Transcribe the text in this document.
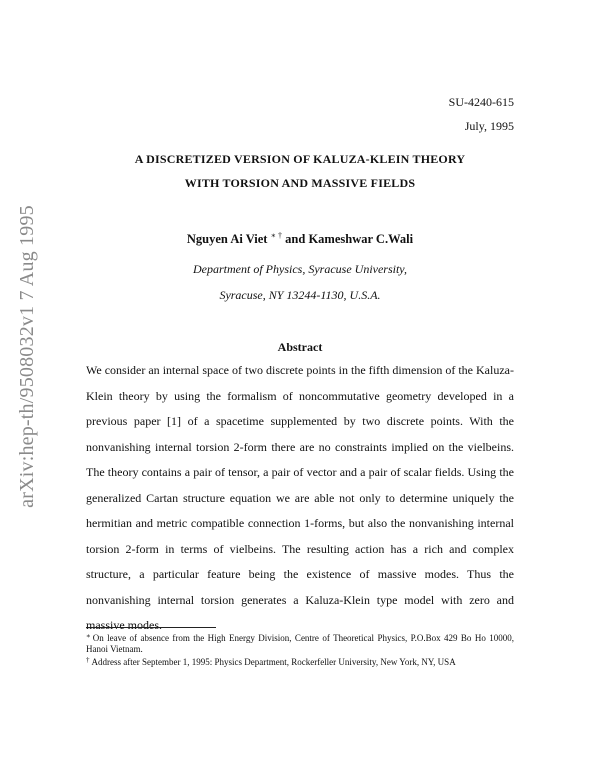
arXiv:hep-th/9508032v1 7 Aug 1995
SU-4240-615
July, 1995
A DISCRETIZED VERSION OF KALUZA-KLEIN THEORY
WITH TORSION AND MASSIVE FIELDS
Nguyen Ai Viet ∗ † and Kameshwar C.Wali
Department of Physics, Syracuse University,
Syracuse, NY 13244-1130, U.S.A.
Abstract

We consider an internal space of two discrete points in the fifth dimension of the Kaluza-Klein theory by using the formalism of noncommutative geometry developed in a previous paper [1] of a spacetime supplemented by two discrete points. With the nonvanishing internal torsion 2-form there are no constraints implied on the vielbeins. The theory contains a pair of tensor, a pair of vector and a pair of scalar fields. Using the generalized Cartan structure equation we are able not only to determine uniquely the hermitian and metric compatible connection 1-forms, but also the nonvanishing internal torsion 2-form in terms of vielbeins. The resulting action has a rich and complex structure, a particular feature being the existence of massive modes. Thus the nonvanishing internal torsion generates a Kaluza-Klein type model with zero and massive modes.

∗ On leave of absence from the High Energy Division, Centre of Theoretical Physics, P.O.Box 429 Bo Ho 10000, Hanoi Vietnam.

† Address after September 1, 1995: Physics Department, Rockerfeller University, New York, NY, USA
